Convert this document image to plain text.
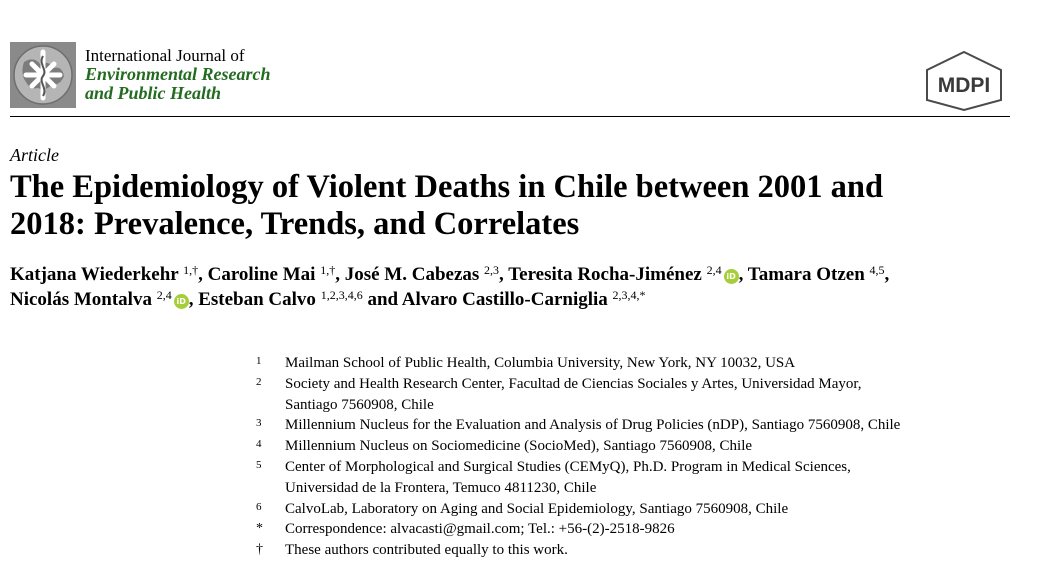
International Journal of
Environmental Research
and Public Health	MDPI
Article
The Epidemiology of Violent Deaths in Chile between 2001 and
2018: Prevalence, Trends, and Correlates
Katjana Wiederkehr $^{1,\dagger}$, Caroline Mai $^{1,\dagger}$, José M. Cabezas $^{2,3}$, Teresita Rocha-Jiménez $^{2,4}$ iD , Tamara Otzen $^{4,5}$,
Nicolás Montalva $^{2,4}$ iD , Esteban Calvo $^{1,2,3,4,6}$ and Alvaro Castillo-Carniglia $^{2,3,4,*}$
1 Mailman School of Public Health, Columbia University, New York, NY 10032, USA
2 Society and Health Research Center, Facultad de Ciencias Sociales y Artes, Universidad Mayor,
Santiago 7560908, Chile
3 Millennium Nucleus for the Evaluation and Analysis of Drug Policies (nDP), Santiago 7560908, Chile
4 Millennium Nucleus on Sociomedicine (SocioMed), Santiago 7560908, Chile
5 Center of Morphological and Surgical Studies (CEMyQ), Ph.D. Program in Medical Sciences,
Universidad de la Frontera, Temuco 4811230, Chile
6 CalvoLab, Laboratory on Aging and Social Epidemiology, Santiago 7560908, Chile
* Correspondence: alvacasti@gmail.com; Tel.: +56-(2)-2518-9826
† These authors contributed equally to this work.
